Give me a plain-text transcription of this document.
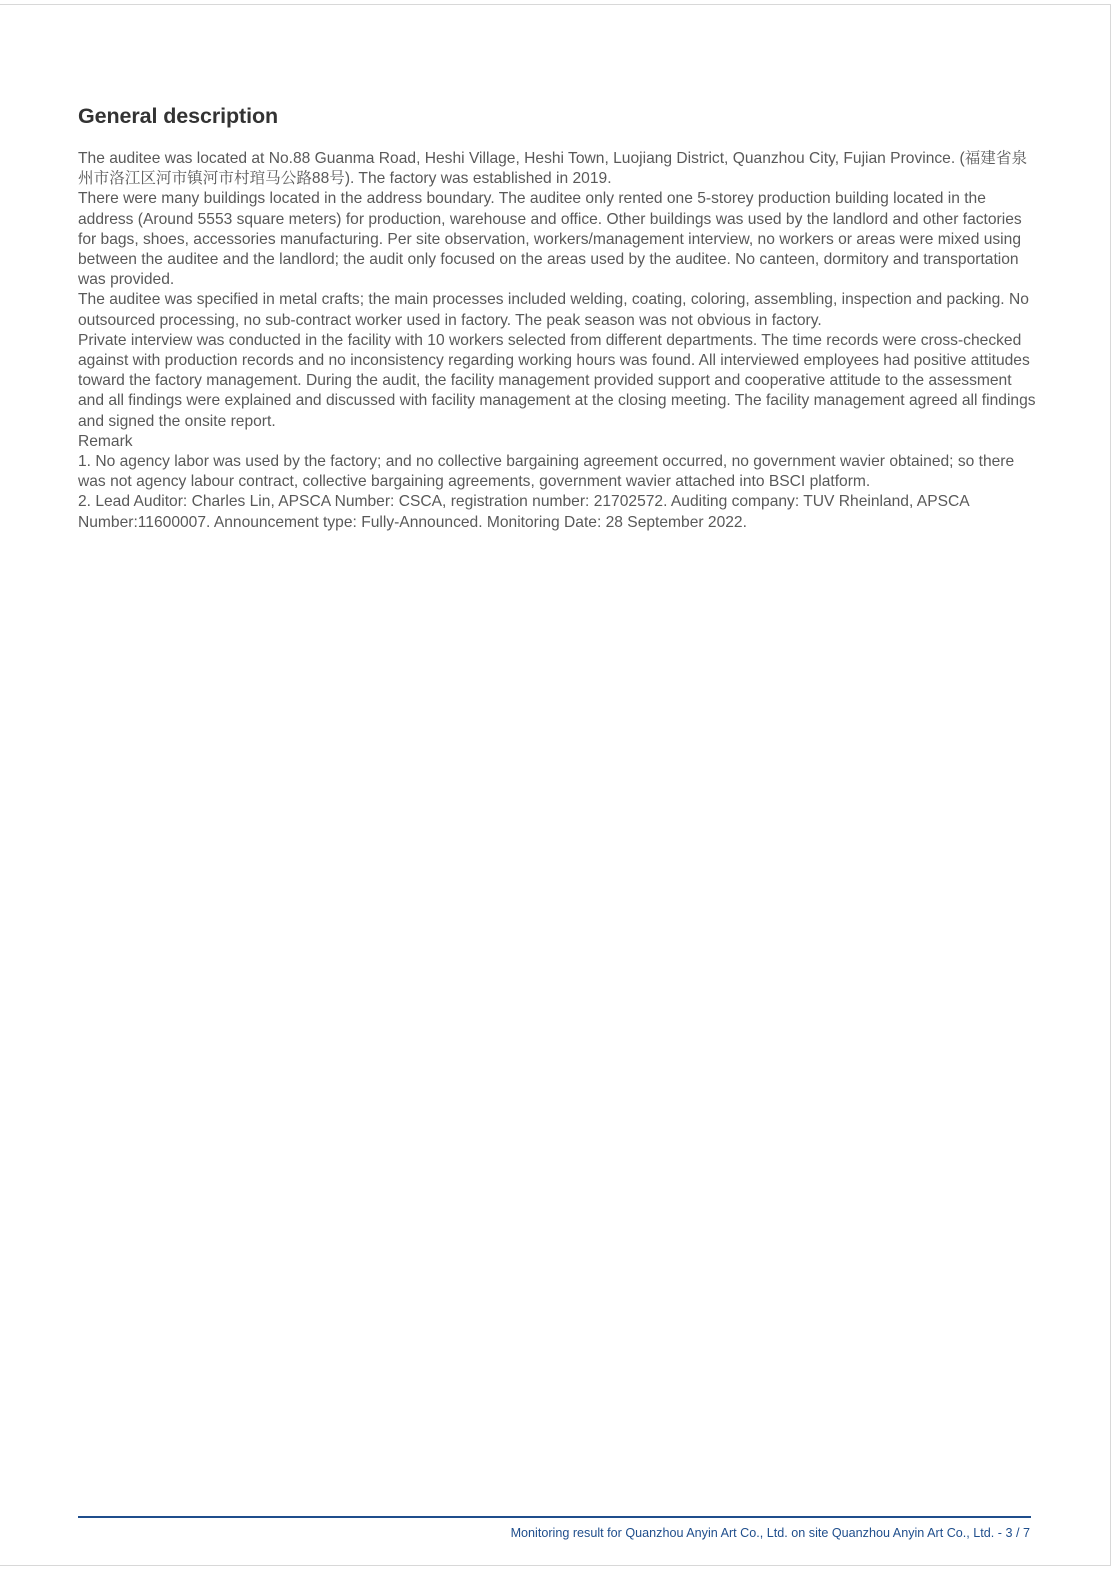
General description

The auditee was located at No.88 Guanma Road, Heshi Village, Heshi Town, Luojiang District, Quanzhou City, Fujian Province. (福建省泉州市洛江区河市镇河市村琯马公路88号). The factory was established in 2019.

There were many buildings located in the address boundary. The auditee only rented one 5-storey production building located in the address (Around 5553 square meters) for production, warehouse and office. Other buildings was used by the landlord and other factories for bags, shoes, accessories manufacturing. Per site observation, workers/management interview, no workers or areas were mixed using between the auditee and the landlord; the audit only focused on the areas used by the auditee. No canteen, dormitory and transportation was provided.

The auditee was specified in metal crafts; the main processes included welding, coating, coloring, assembling, inspection and packing. No outsourced processing, no sub-contract worker used in factory. The peak season was not obvious in factory.

Private interview was conducted in the facility with 10 workers selected from different departments. The time records were cross-checked against with production records and no inconsistency regarding working hours was found. All interviewed employees had positive attitudes toward the factory management. During the audit, the facility management provided support and cooperative attitude to the assessment and all findings were explained and discussed with facility management at the closing meeting. The facility management agreed all findings and signed the onsite report.

Remark

1. No agency labor was used by the factory; and no collective bargaining agreement occurred, no government wavier obtained; so there was not agency labour contract, collective bargaining agreements, government wavier attached into BSCI platform.

2. Lead Auditor: Charles Lin, APSCA Number: CSCA, registration number: 21702572. Auditing company: TUV Rheinland, APSCA Number:11600007. Announcement type: Fully-Announced. Monitoring Date: 28 September 2022.

Monitoring result for Quanzhou Anyin Art Co., Ltd. on site Quanzhou Anyin Art Co., Ltd. - 3 / 7
